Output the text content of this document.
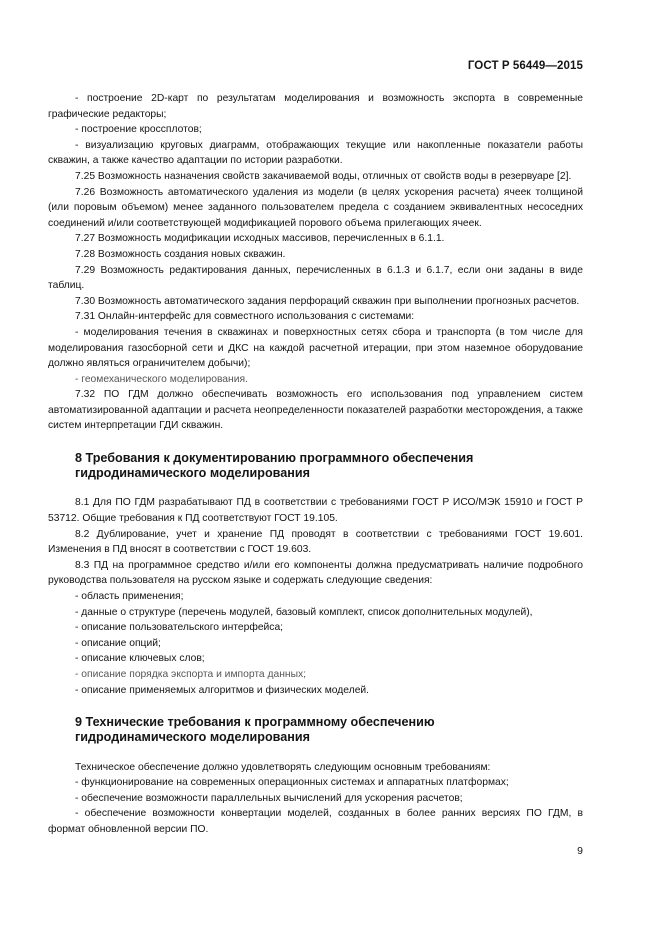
ГОСТ Р 56449—2015

- построение 2D-карт по результатам моделирования и возможность экспорта в современные графические редакторы;

- построение кроссплотов;

- визуализацию круговых диаграмм, отображающих текущие или накопленные показатели работы скважин, а также качество адаптации по истории разработки.

7.25 Возможность назначения свойств закачиваемой воды, отличных от свойств воды в резервуаре [2].

7.26 Возможность автоматического удаления из модели (в целях ускорения расчета) ячеек толщиной (или поровым объемом) менее заданного пользователем предела с созданием эквивалентных несоседних соединений и/или соответствующей модификацией порового объема прилегающих ячеек.

7.27 Возможность модификации исходных массивов, перечисленных в 6.1.1.

7.28 Возможность создания новых скважин.

7.29 Возможность редактирования данных, перечисленных в 6.1.3 и 6.1.7, если они заданы в виде таблиц.

7.30 Возможность автоматического задания перфораций скважин при выполнении прогнозных расчетов.

7.31 Онлайн-интерфейс для совместного использования с системами:

- моделирования течения в скважинах и поверхностных сетях сбора и транспорта (в том числе для моделирования газосборной сети и ДКС на каждой расчетной итерации, при этом наземное оборудование должно являться ограничителем добычи);

- геомеханического моделирования.

7.32 ПО ГДМ должно обеспечивать возможность его использования под управлением систем автоматизированной адаптации и расчета неопределенности показателей разработки месторождения, а также систем интерпретации ГДИ скважин.

8 Требования к документированию программного обеспечения
гидродинамического моделирования

8.1 Для ПО ГДМ разрабатывают ПД в соответствии с требованиями ГОСТ Р ИСО/МЭК 15910 и ГОСТ Р 53712. Общие требования к ПД соответствуют ГОСТ 19.105.

8.2 Дублирование, учет и хранение ПД проводят в соответствии с требованиями ГОСТ 19.601. Изменения в ПД вносят в соответствии с ГОСТ 19.603.

8.3 ПД на программное средство и/или его компоненты должна предусматривать наличие подробного руководства пользователя на русском языке и содержать следующие сведения:

- область применения;

- данные о структуре (перечень модулей, базовый комплект, список дополнительных модулей),

- описание пользовательского интерфейса;

- описание опций;

- описание ключевых слов;

- описание порядка экспорта и импорта данных;

- описание применяемых алгоритмов и физических моделей.

9 Технические требования к программному обеспечению
гидродинамического моделирования

Техническое обеспечение должно удовлетворять следующим основным требованиям:

- функционирование на современных операционных системах и аппаратных платформах;

- обеспечение возможности параллельных вычислений для ускорения расчетов;

- обеспечение возможности конвертации моделей, созданных в более ранних версиях ПО ГДМ, в формат обновленной версии ПО.

9
